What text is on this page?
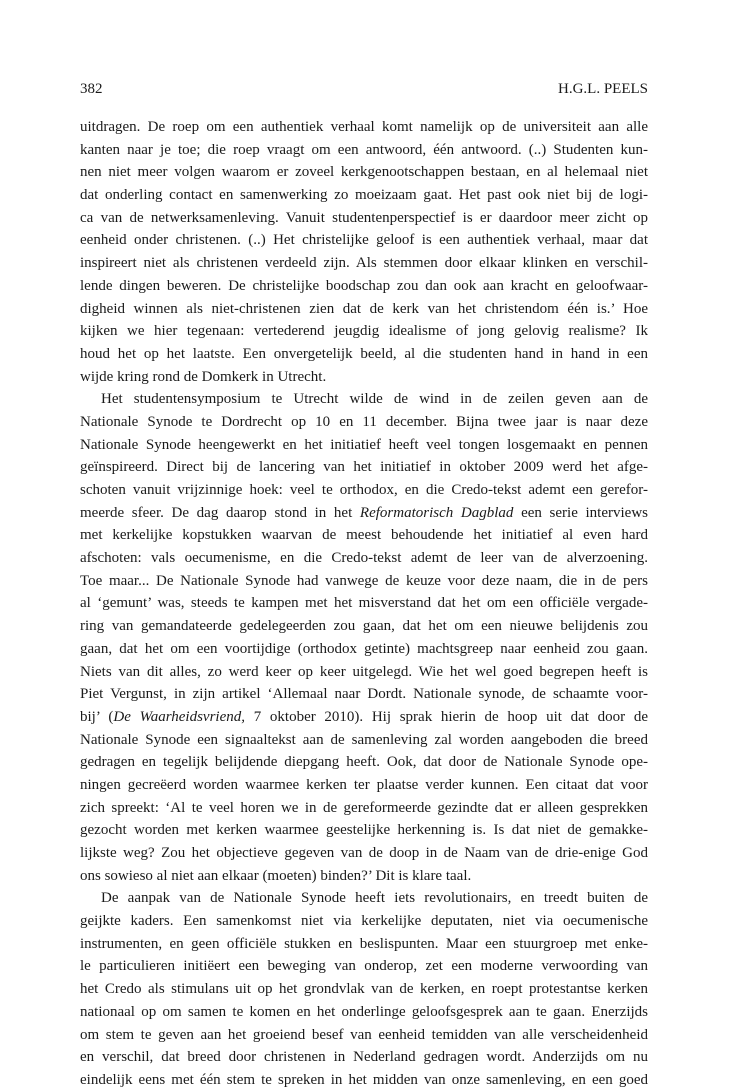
382	H.G.L. PEELS
uitdragen. De roep om een authentiek verhaal komt namelijk op de universiteit aan alle
kanten naar je toe; die roep vraagt om een antwoord, één antwoord. (..) Studenten kun-
nen niet meer volgen waarom er zoveel kerkgenootschappen bestaan, en al helemaal niet
dat onderling contact en samenwerking zo moeizaam gaat. Het past ook niet bij de logi-
ca van de netwerksamenleving. Vanuit studentenperspectief is er daardoor meer zicht op
eenheid onder christenen. (..) Het christelijke geloof is een authentiek verhaal, maar dat
inspireert niet als christenen verdeeld zijn. Als stemmen door elkaar klinken en verschil-
lende dingen beweren. De christelijke boodschap zou dan ook aan kracht en geloofwaar-
digheid winnen als niet-christenen zien dat de kerk van het christendom één is.’ Hoe
kijken we hier tegenaan: vertederend jeugdig idealisme of jong gelovig realisme? Ik
houd het op het laatste. Een onvergetelijk beeld, al die studenten hand in hand in een
wijde kring rond de Domkerk in Utrecht.
Het studentensymposium te Utrecht wilde de wind in de zeilen geven aan de
Nationale Synode te Dordrecht op 10 en 11 december. Bijna twee jaar is naar deze
Nationale Synode heengewerkt en het initiatief heeft veel tongen losgemaakt en pennen
geïnspireerd. Direct bij de lancering van het initiatief in oktober 2009 werd het afge-
schoten vanuit vrijzinnige hoek: veel te orthodox, en die Credo-tekst ademt een gerefor-
meerde sfeer. De dag daarop stond in het Reformatorisch Dagblad een serie interviews
met kerkelijke kopstukken waarvan de meest behoudende het initiatief al even hard
afschoten: vals oecumenisme, en die Credo-tekst ademt de leer van de alverzoening.
Toe maar... De Nationale Synode had vanwege de keuze voor deze naam, die in de pers
al ‘gemunt’ was, steeds te kampen met het misverstand dat het om een officiële vergade-
ring van gemandateerde gedelegeerden zou gaan, dat het om een nieuwe belijdenis zou
gaan, dat het om een voortijdige (orthodox getinte) machtsgreep naar eenheid zou gaan.
Niets van dit alles, zo werd keer op keer uitgelegd. Wie het wel goed begrepen heeft is
Piet Vergunst, in zijn artikel ‘Allemaal naar Dordt. Nationale synode, de schaamte voor-
bij’ (De Waarheidsvriend, 7 oktober 2010). Hij sprak hierin de hoop uit dat door de
Nationale Synode een signaaltekst aan de samenleving zal worden aangeboden die breed
gedragen en tegelijk belijdende diepgang heeft. Ook, dat door de Nationale Synode ope-
ningen gecreëerd worden waarmee kerken ter plaatse verder kunnen. Een citaat dat voor
zich spreekt: ‘Al te veel horen we in de gereformeerde gezindte dat er alleen gesprekken
gezocht worden met kerken waarmee geestelijke herkenning is. Is dat niet de gemakke-
lijkste weg? Zou het objectieve gegeven van de doop in de Naam van de drie-enige God
ons sowieso al niet aan elkaar (moeten) binden?’ Dit is klare taal.
De aanpak van de Nationale Synode heeft iets revolutionairs, en treedt buiten de
geijkte kaders. Een samenkomst niet via kerkelijke deputaten, niet via oecumenische
instrumenten, en geen officiële stukken en beslispunten. Maar een stuurgroep met enke-
le particulieren initiëert een beweging van onderop, zet een moderne verwoording van
het Credo als stimulans uit op het grondvlak van de kerken, en roept protestantse kerken
nationaal op om samen te komen en het onderlinge geloofsgesprek aan te gaan. Enerzijds
om stem te geven aan het groeiend besef van eenheid temidden van alle verscheidenheid
en verschil, dat breed door christenen in Nederland gedragen wordt. Anderzijds om nu
eindelijk eens met één stem te spreken in het midden van onze samenleving, en een goed
